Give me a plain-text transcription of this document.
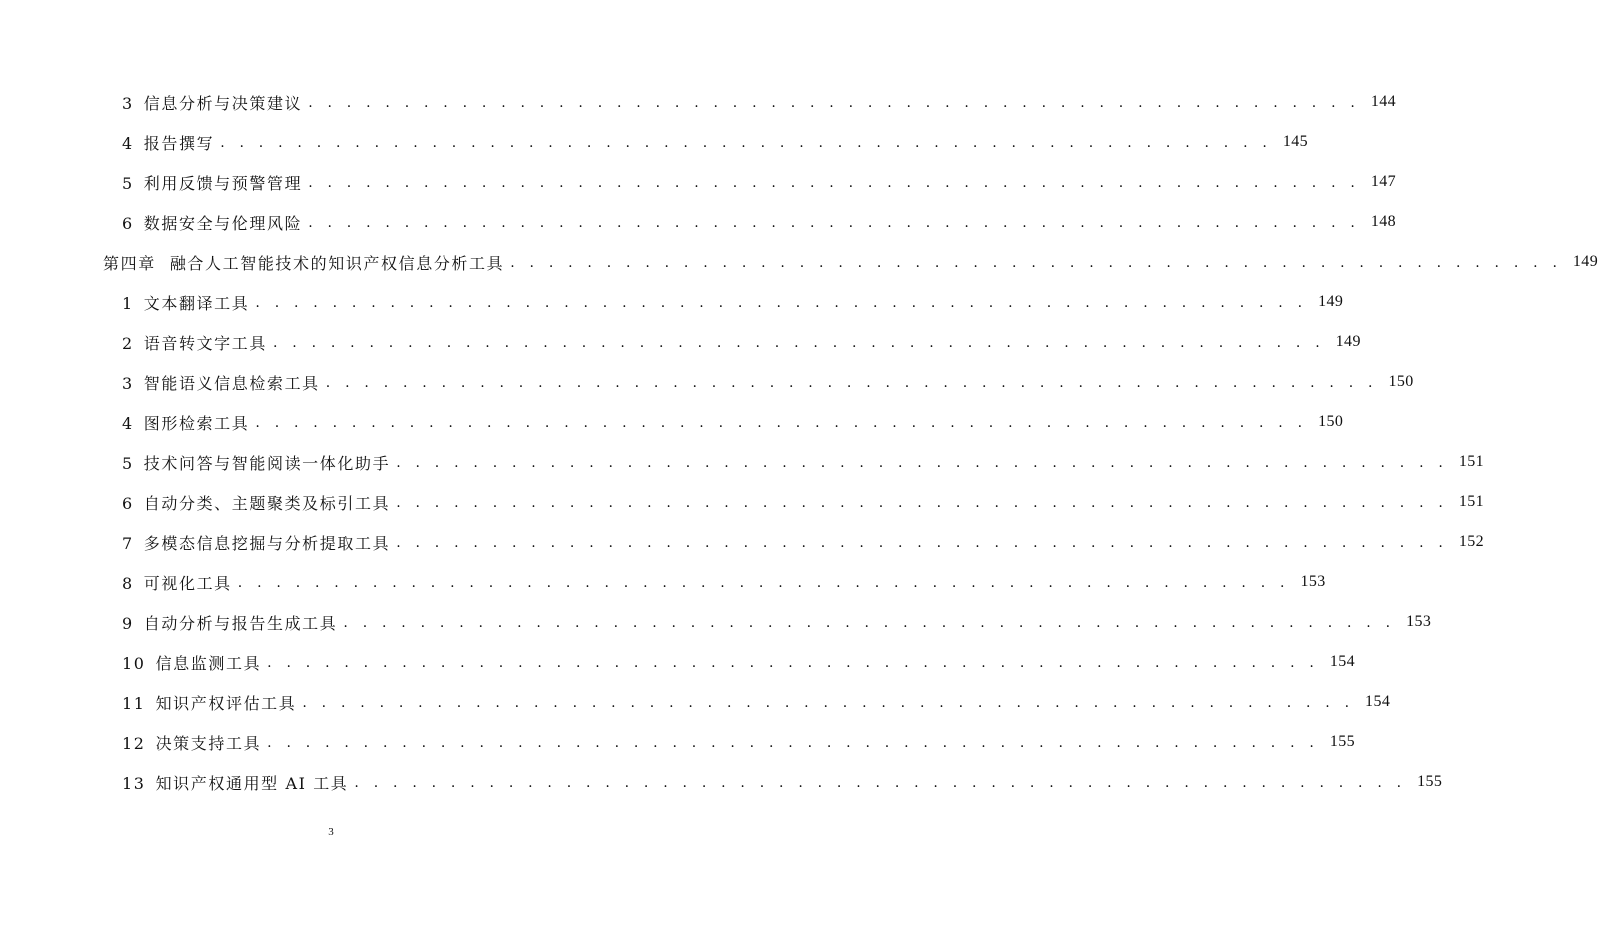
3 信息分析与决策建议 . . . . . . . . . . . . . . . . . . . . . . . . . . . . . . . . . . . . . . . . . . . . . . . . . . . . . . . 144
4 报告撰写 . . . . . . . . . . . . . . . . . . . . . . . . . . . . . . . . . . . . . . . . . . . . . . . . . . . . . . . 145
5 利用反馈与预警管理 . . . . . . . . . . . . . . . . . . . . . . . . . . . . . . . . . . . . . . . . . . . . . . . . . . . . . . . 147
6 数据安全与伦理风险 . . . . . . . . . . . . . . . . . . . . . . . . . . . . . . . . . . . . . . . . . . . . . . . . . . . . . . . 148
第四章 融合人工智能技术的知识产权信息分析工具 . . . . . . . . . . . . . . . . . . . . . . . . . . . . . . . . . . . . . . . . . . . . . . . . . . . . . . . 149
1 文本翻译工具 . . . . . . . . . . . . . . . . . . . . . . . . . . . . . . . . . . . . . . . . . . . . . . . . . . . . . . . 149
2 语音转文字工具 . . . . . . . . . . . . . . . . . . . . . . . . . . . . . . . . . . . . . . . . . . . . . . . . . . . . . . . 149
3 智能语义信息检索工具 . . . . . . . . . . . . . . . . . . . . . . . . . . . . . . . . . . . . . . . . . . . . . . . . . . . . . . . 150
4 图形检索工具 . . . . . . . . . . . . . . . . . . . . . . . . . . . . . . . . . . . . . . . . . . . . . . . . . . . . . . . 150
5 技术问答与智能阅读一体化助手 . . . . . . . . . . . . . . . . . . . . . . . . . . . . . . . . . . . . . . . . . . . . . . . . . . . . . . . 151
6 自动分类、主题聚类及标引工具 . . . . . . . . . . . . . . . . . . . . . . . . . . . . . . . . . . . . . . . . . . . . . . . . . . . . . . . 151
7 多模态信息挖掘与分析提取工具 . . . . . . . . . . . . . . . . . . . . . . . . . . . . . . . . . . . . . . . . . . . . . . . . . . . . . . . 152
8 可视化工具 . . . . . . . . . . . . . . . . . . . . . . . . . . . . . . . . . . . . . . . . . . . . . . . . . . . . . . . 153
9 自动分析与报告生成工具 . . . . . . . . . . . . . . . . . . . . . . . . . . . . . . . . . . . . . . . . . . . . . . . . . . . . . . . 153
10 信息监测工具 . . . . . . . . . . . . . . . . . . . . . . . . . . . . . . . . . . . . . . . . . . . . . . . . . . . . . . . 154
11 知识产权评估工具 . . . . . . . . . . . . . . . . . . . . . . . . . . . . . . . . . . . . . . . . . . . . . . . . . . . . . . . 154
12 决策支持工具 . . . . . . . . . . . . . . . . . . . . . . . . . . . . . . . . . . . . . . . . . . . . . . . . . . . . . . . 155
13 知识产权通用型 AI 工具 . . . . . . . . . . . . . . . . . . . . . . . . . . . . . . . . . . . . . . . . . . . . . . . . . . . . . . . 155
3
